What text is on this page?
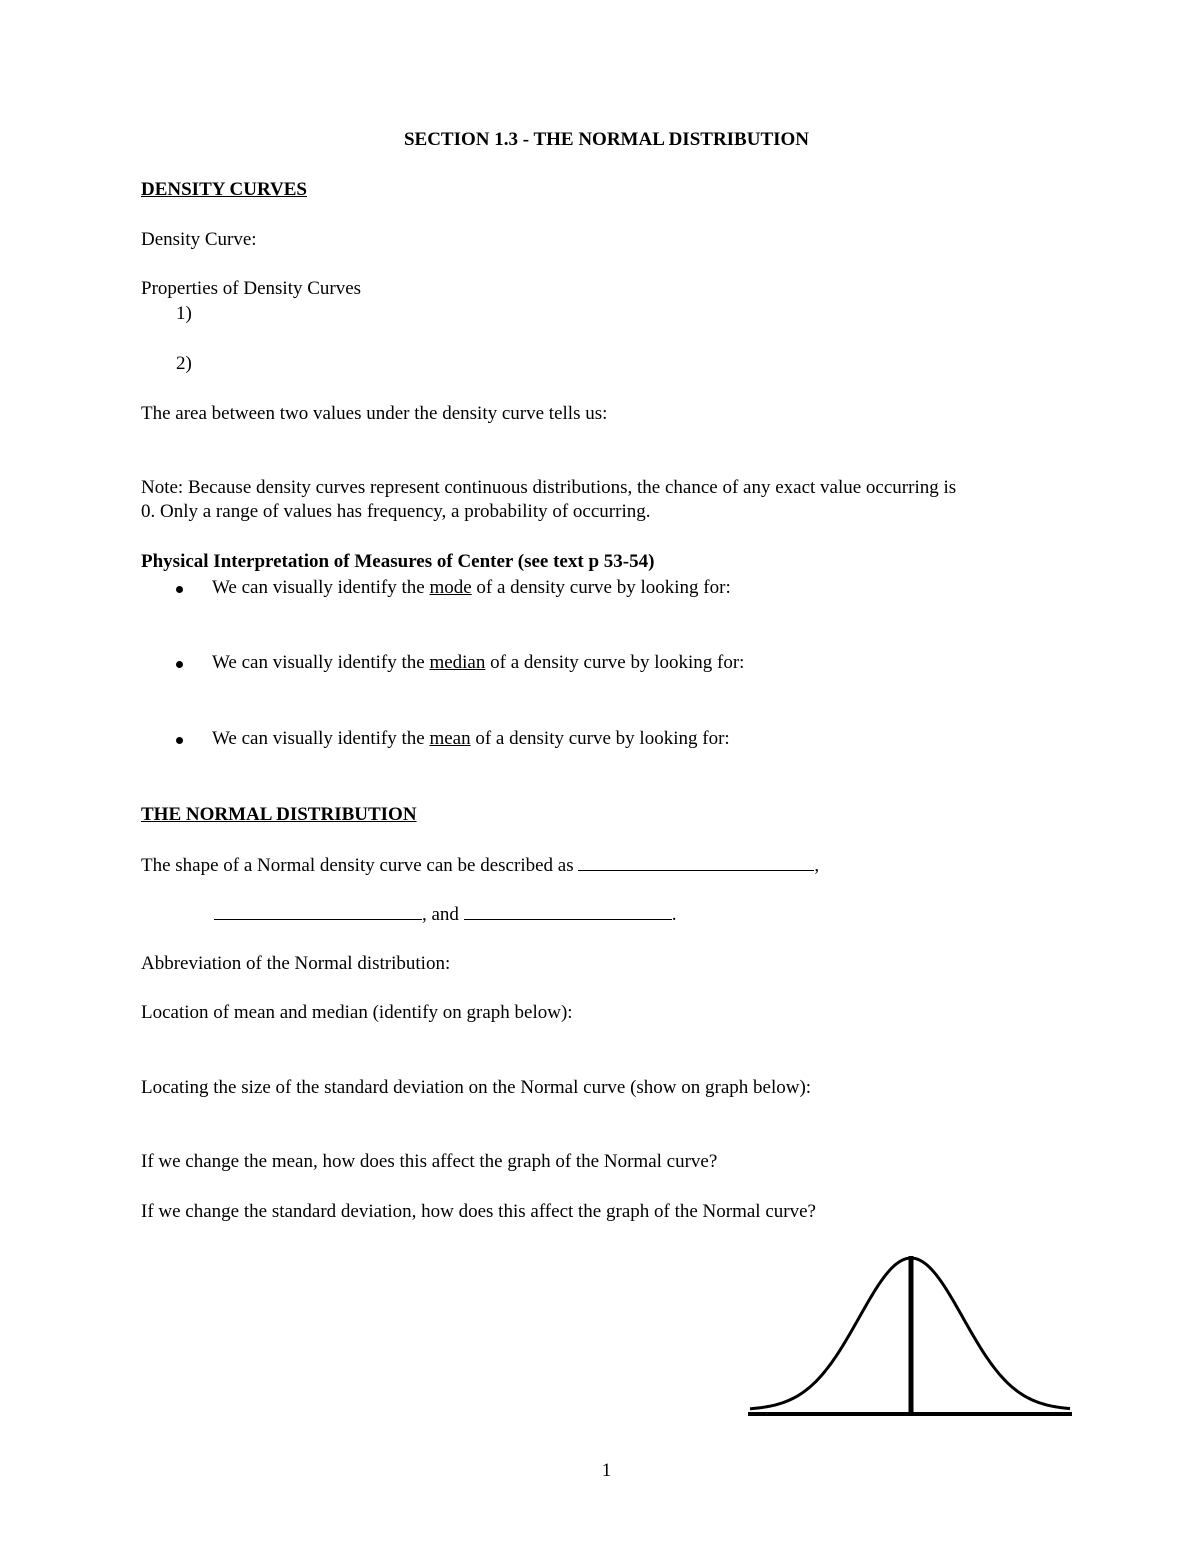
SECTION 1.3 - THE NORMAL DISTRIBUTION
DENSITY CURVES
Density Curve:
Properties of Density Curves
1)
2)
The area between two values under the density curve tells us:
Note: Because density curves represent continuous distributions, the chance of any exact value occurring is
0. Only a range of values has frequency, a probability of occurring.
Physical Interpretation of Measures of Center (see text p 53-54)
We can visually identify the mode of a density curve by looking for:
We can visually identify the median of a density curve by looking for:
We can visually identify the mean of a density curve by looking for:
THE NORMAL DISTRIBUTION
The shape of a Normal density curve can be described as	,
, and	.
Abbreviation of the Normal distribution:
Location of mean and median (identify on graph below):
Locating the size of the standard deviation on the Normal curve (show on graph below):
If we change the mean, how does this affect the graph of the Normal curve?
If we change the standard deviation, how does this affect the graph of the Normal curve?
1
